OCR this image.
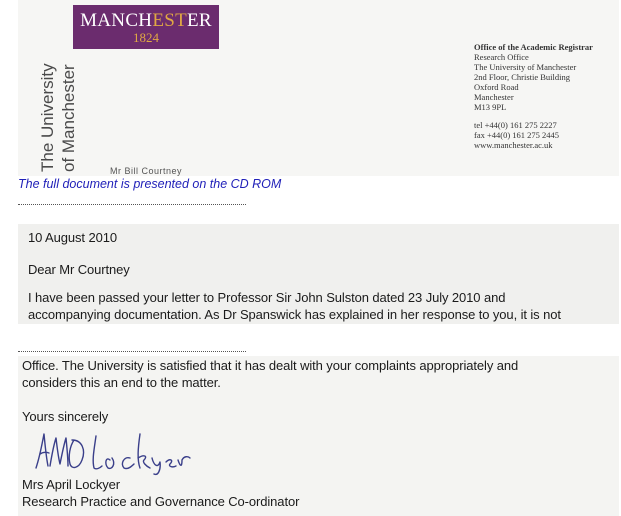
MANCHESTER
1824
The University of Manchester
Office of the Academic Registrar
Research Office
The University of Manchester
2nd Floor, Christie Building
Oxford Road
Manchester
M13 9PL
tel +44(0) 161 275 2227
fax +44(0) 161 275 2445
www.manchester.ac.uk
Mr Bill Courtney
The full document is presented on the CD ROM
10 August 2010
Dear Mr Courtney
I have been passed your letter to Professor Sir John Sulston dated 23 July 2010 and
accompanying documentation. As Dr Spanswick has explained in her response to you, it is not
Office. The University is satisfied that it has dealt with your complaints appropriately and
considers this an end to the matter.
Yours sincerely
Mrs April Lockyer
Research Practice and Governance Co-ordinator
